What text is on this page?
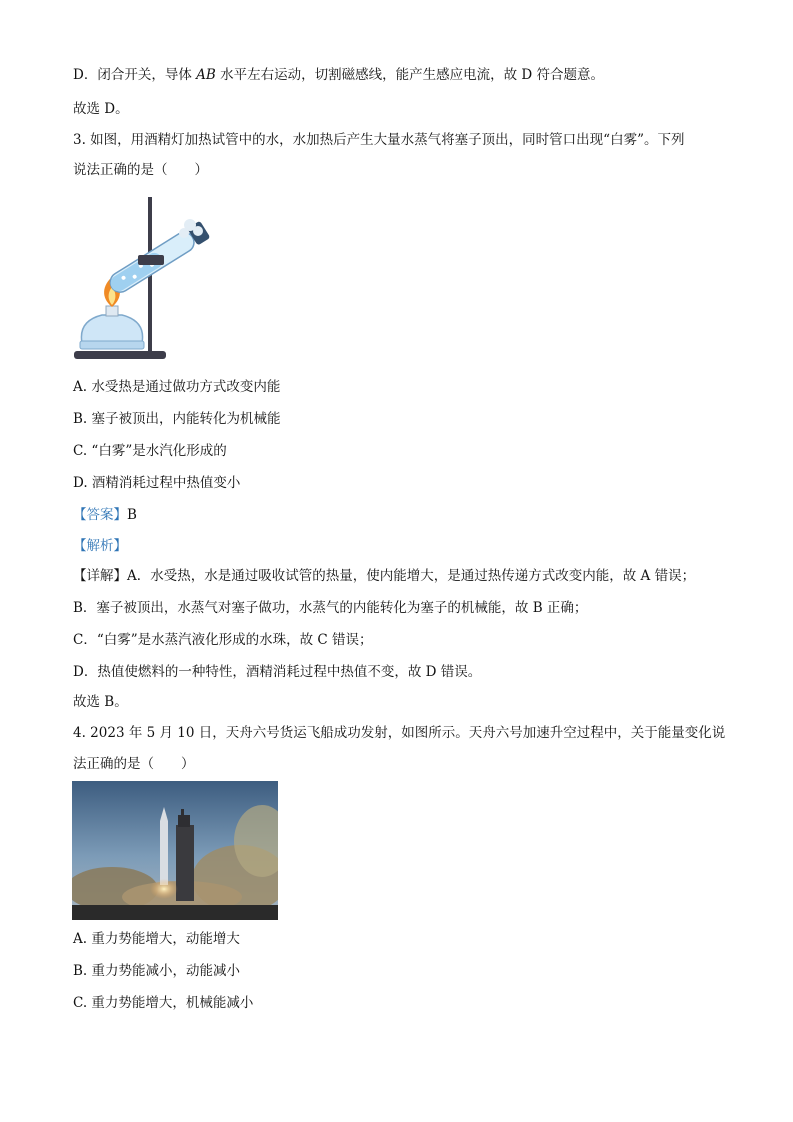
D．闭合开关，导体 AB 水平左右运动，切割磁感线，能产生感应电流，故 D 符合题意。
故选 D。
3. 如图，用酒精灯加热试管中的水，水加热后产生大量水蒸气将塞子顶出，同时管口出现“白雾”。下列
说法正确的是（　　）
A. 水受热是通过做功方式改变内能
B. 塞子被顶出，内能转化为机械能
C. “白雾”是水汽化形成的
D. 酒精消耗过程中热值变小
【答案】B
【解析】
【详解】A．水受热，水是通过吸收试管的热量，使内能增大，是通过热传递方式改变内能，故 A 错误；
B．塞子被顶出，水蒸气对塞子做功，水蒸气的内能转化为塞子的机械能，故 B 正确；
C．“白雾”是水蒸汽液化形成的水珠，故 C 错误；
D．热值使燃料的一种特性，酒精消耗过程中热值不变，故 D 错误。
故选 B。
4. 2023 年 5 月 10 日，天舟六号货运飞船成功发射，如图所示。天舟六号加速升空过程中，关于能量变化说
法正确的是（　　）
A. 重力势能增大，动能增大
B. 重力势能减小，动能减小
C. 重力势能增大，机械能减小
